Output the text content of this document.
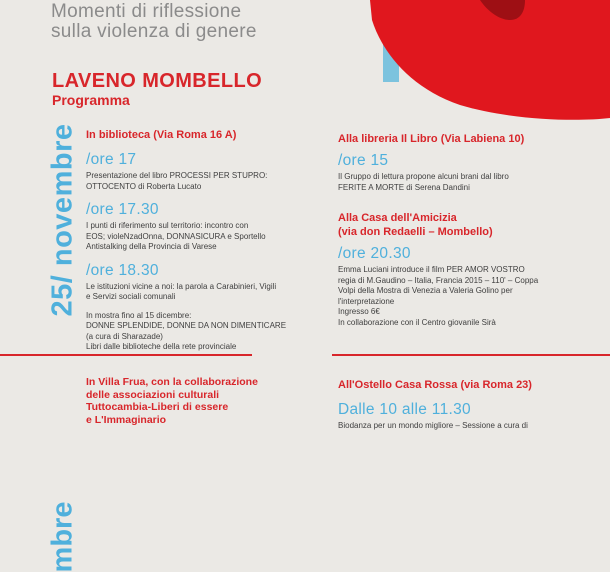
Momenti di riflessione
sulla violenza di genere

LAVENO MOMBELLO

Programma

25/ novembre
mbre

In biblioteca (Via Roma 16 A)

/ore 17

Presentazione del libro PROCESSI PER STUPRO:
OTTOCENTO di Roberta Lucato

/ore 17.30

I punti di riferimento sul territorio: incontro con
EOS; violeNzadOnna, DONNASICURA e Sportello
Antistalking della Provincia di Varese

/ore 18.30

Le istituzioni vicine a noi: la parola a Carabinieri, Vigili
e Servizi sociali comunali

In mostra fino al 15 dicembre:
DONNE SPLENDIDE, DONNE DA NON DIMENTICARE
(a cura di Sharazade)
Libri dalle biblioteche della rete provinciale

In Villa Frua, con la collaborazione
delle associazioni culturali
Tuttocambia-Liberi di essere
e L'Immaginario

Alla libreria Il Libro (Via Labiena 10)

/ore 15

Il Gruppo di lettura propone alcuni brani dal libro
FERITE A MORTE di Serena Dandini

Alla Casa dell'Amicizia
(via don Redaelli – Mombello)

/ore 20.30

Emma Luciani introduce il film PER AMOR VOSTRO
regia di M.Gaudino – Italia, Francia 2015 – 110' – Coppa
Volpi della Mostra di Venezia a Valeria Golino per
l'interpretazione
Ingresso 6€
In collaborazione con il Centro giovanile Sirà

All'Ostello Casa Rossa (via Roma 23)

Dalle 10 alle 11.30

Biodanza per un mondo migliore – Sessione a cura di
